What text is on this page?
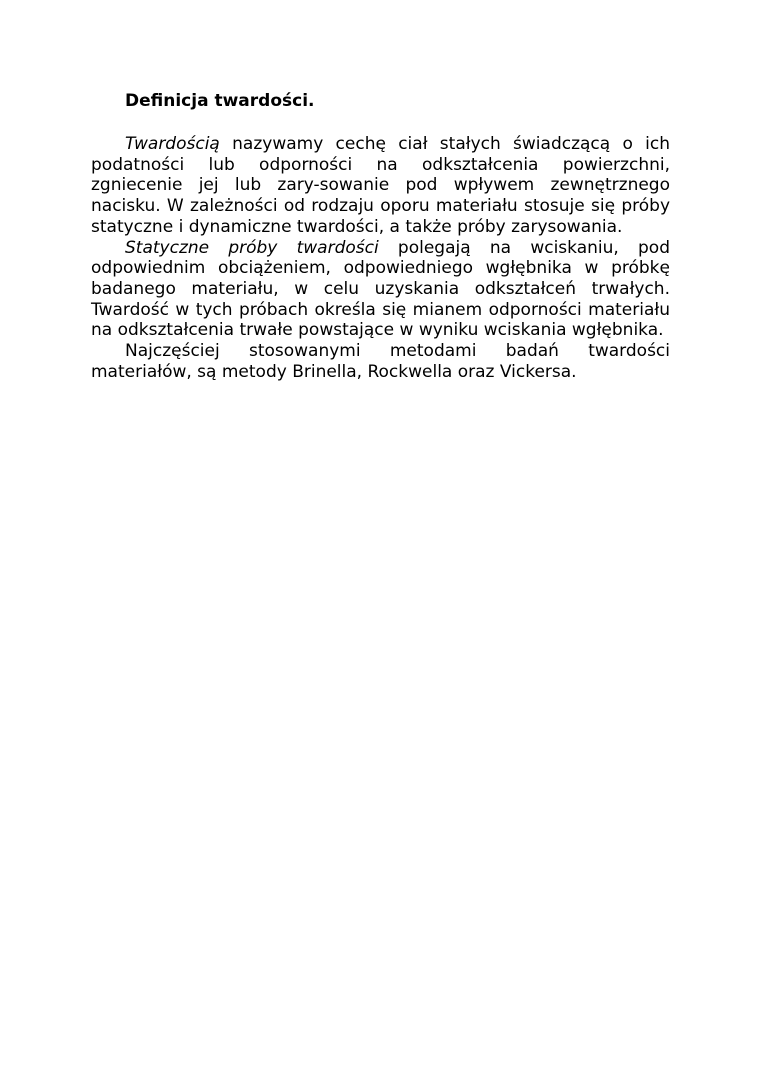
Definicja twardości.

Twardością nazywamy cechę ciał stałych świadczącą o ich podatności lub odporności na odkształcenia powierzchni, zgniecenie jej lub zary-sowanie pod wpływem zewnętrznego nacisku. W zależności od rodzaju oporu materiału stosuje się próby statyczne i dynamiczne twardości, a także próby zarysowania.

Statyczne próby twardości polegają na wciskaniu, pod odpowiednim obciążeniem, odpowiedniego wgłębnika w próbkę badanego materiału, w celu uzyskania odkształceń trwałych. Twardość w tych próbach określa się mianem odporności materiału na odkształcenia trwałe powstające w wyniku wciskania wgłębnika.

Najczęściej stosowanymi metodami badań twardości materiałów, są metody Brinella, Rockwella oraz Vickersa.
